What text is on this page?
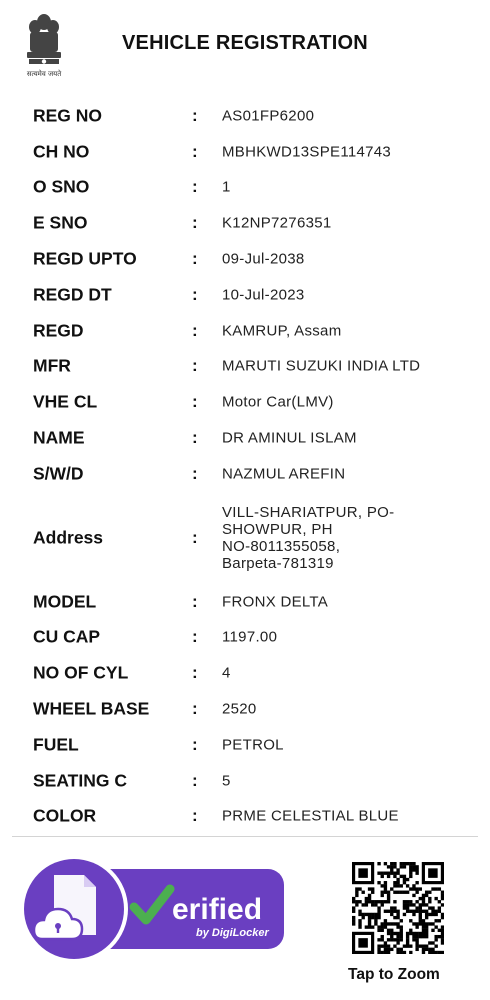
सत्यमेव जयते
VEHICLE REGISTRATION
REG NO	: AS01FP6200
CH NO	: MBHKWD13SPE114743
O SNO	: 1
E SNO	: K12NP7276351
REGD UPTO	: 09-Jul-2038
REGD DT	: 10-Jul-2023
REGD	: KAMRUP, Assam
MFR	: MARUTI SUZUKI INDIA LTD
VHE CL	: Motor Car(LMV)
NAME	: DR AMINUL ISLAM
S/W/D	: NAZMUL AREFIN
Address	:
VILL-SHARIATPUR, PO-
SHOWPUR, PH
NO-8011355058,
Barpeta-781319
MODEL	: FRONX DELTA
CU CAP	: 1197.00
NO OF CYL	: 4
WHEEL BASE	: 2520
FUEL	: PETROL
SEATING C	: 5
COLOR	: PRME CELESTIAL BLUE
erified
by DigiLocker
Tap to Zoom
